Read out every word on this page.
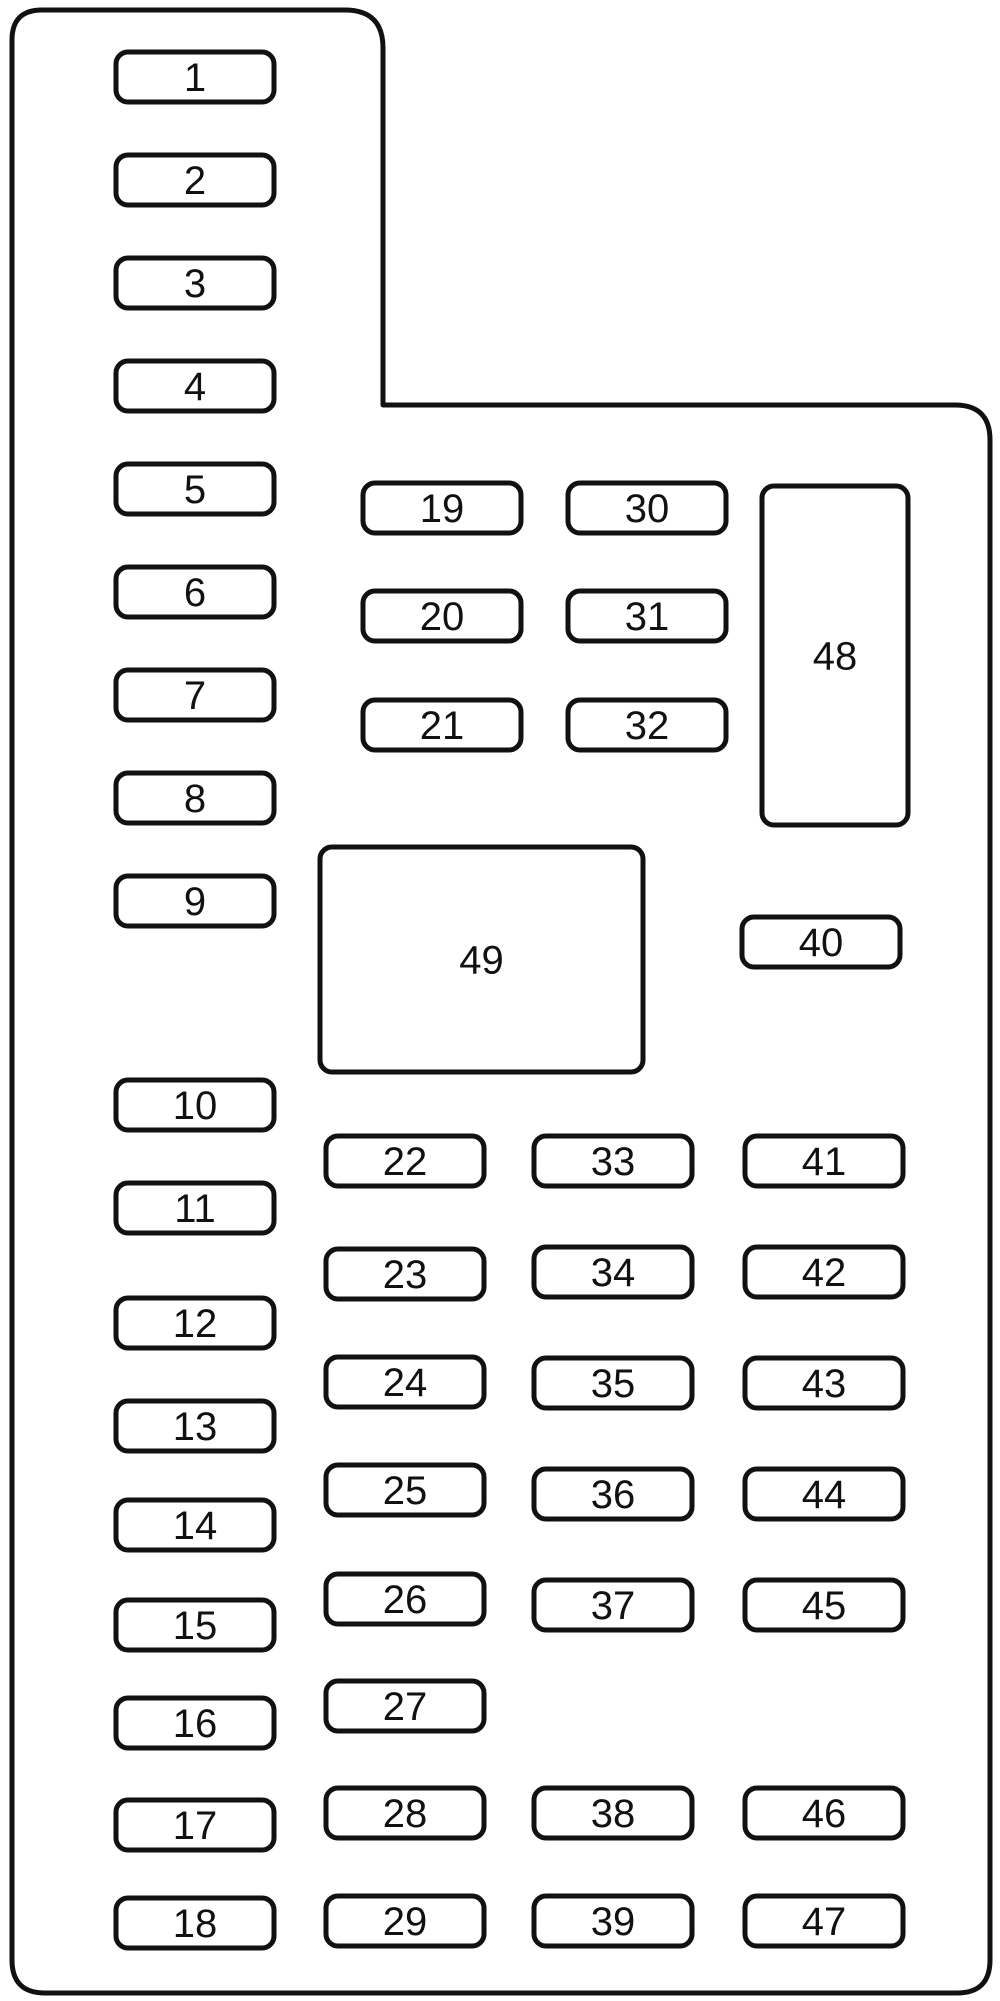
1
2
3
4
5
6
7
8
9
10
11
12
13
14
15
16
17
18
19
20
21
22
23
24
25
26
27
28
29
30
31
32
33
34
35
36
37
38
39
40
41
42
43
44
45
46
47
48
49
